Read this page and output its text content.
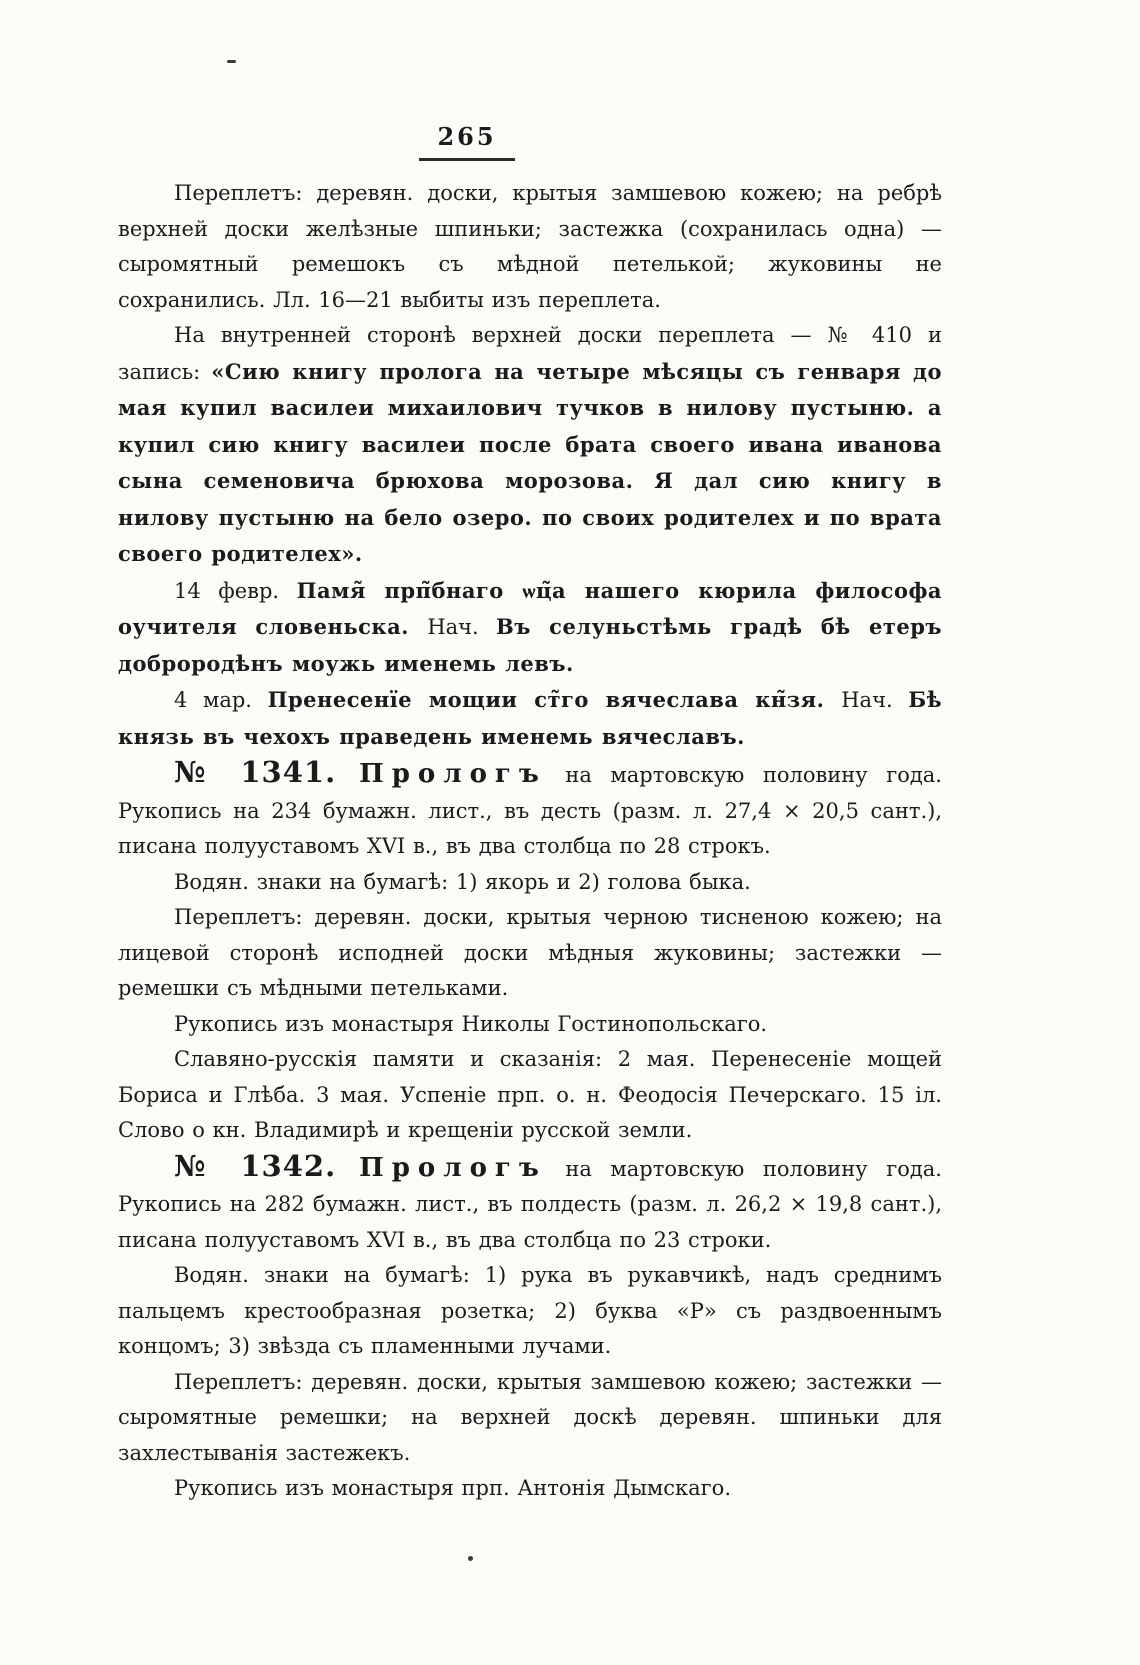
265

Переплетъ: деревян. доски, крытыя замшевою кожею; на ребрѣ верхней доски желѣзные шпиньки; застежка (сохранилась одна) — сыромятный ремешокъ съ мѣдной петелькой; жуковины не сохранились. Лл. 16—21 выбиты изъ переплета.

На внутренней сторонѣ верхней доски переплета — № 410 и запись: «Сию книгу пролога на четыре мѣсяцы съ генваря до мая купил василеи михаилович тучков в нилову пустыню. а купил сию книгу василеи после брата своего ивана иванова сына семеновича брюхова морозова. Я дал сию книгу в нилову пустыню на бело озеро. по своих родителех и по врата своего родителех».

14 февр. Памя̃ прп̃бнаго ѡц̃а нашего кюрила философа оучителя словеньска. Нач. Въ селуньстѣмь градѣ бѣ етеръ доброродѣнъ моужь именемь левъ.

4 мар. Пренесенїе мощии ст̃го вячеслава кн̃зя. Нач. Бѣ князь въ чехохъ праведень именемь вячеславъ.

№ 1341. Прологъ на мартовскую половину года. Рукопись на 234 бумажн. лист., въ десть (разм. л. 27,4 × 20,5 сант.), писана полууставомъ XVI в., въ два столбца по 28 строкъ.

Водян. знаки на бумагѣ: 1) якорь и 2) голова быка.

Переплетъ: деревян. доски, крытыя черною тисненою кожею; на лицевой сторонѣ исподней доски мѣдныя жуковины; застежки — ремешки съ мѣдными петельками.

Рукопись изъ монастыря Николы Гостинопольскаго.

Славяно-русскія памяти и сказанія: 2 мая. Перенесеніе мощей Бориса и Глѣба. 3 мая. Успеніе прп. о. н. Феодосія Печерскаго. 15 іл. Слово о кн. Владимирѣ и крещеніи русской земли.

№ 1342. Прологъ на мартовскую половину года. Рукопись на 282 бумажн. лист., въ полдесть (разм. л. 26,2 × 19,8 сант.), писана полууставомъ XVI в., въ два столбца по 23 строки.

Водян. знаки на бумагѣ: 1) рука въ рукавчикѣ, надъ среднимъ пальцемъ крестообразная розетка; 2) буква «Р» съ раздвоеннымъ концомъ; 3) звѣзда съ пламенными лучами.

Переплетъ: деревян. доски, крытыя замшевою кожею; застежки — сыромятные ремешки; на верхней доскѣ деревян. шпиньки для захлестыванія застежекъ.

Рукопись изъ монастыря прп. Антонія Дымскаго.
